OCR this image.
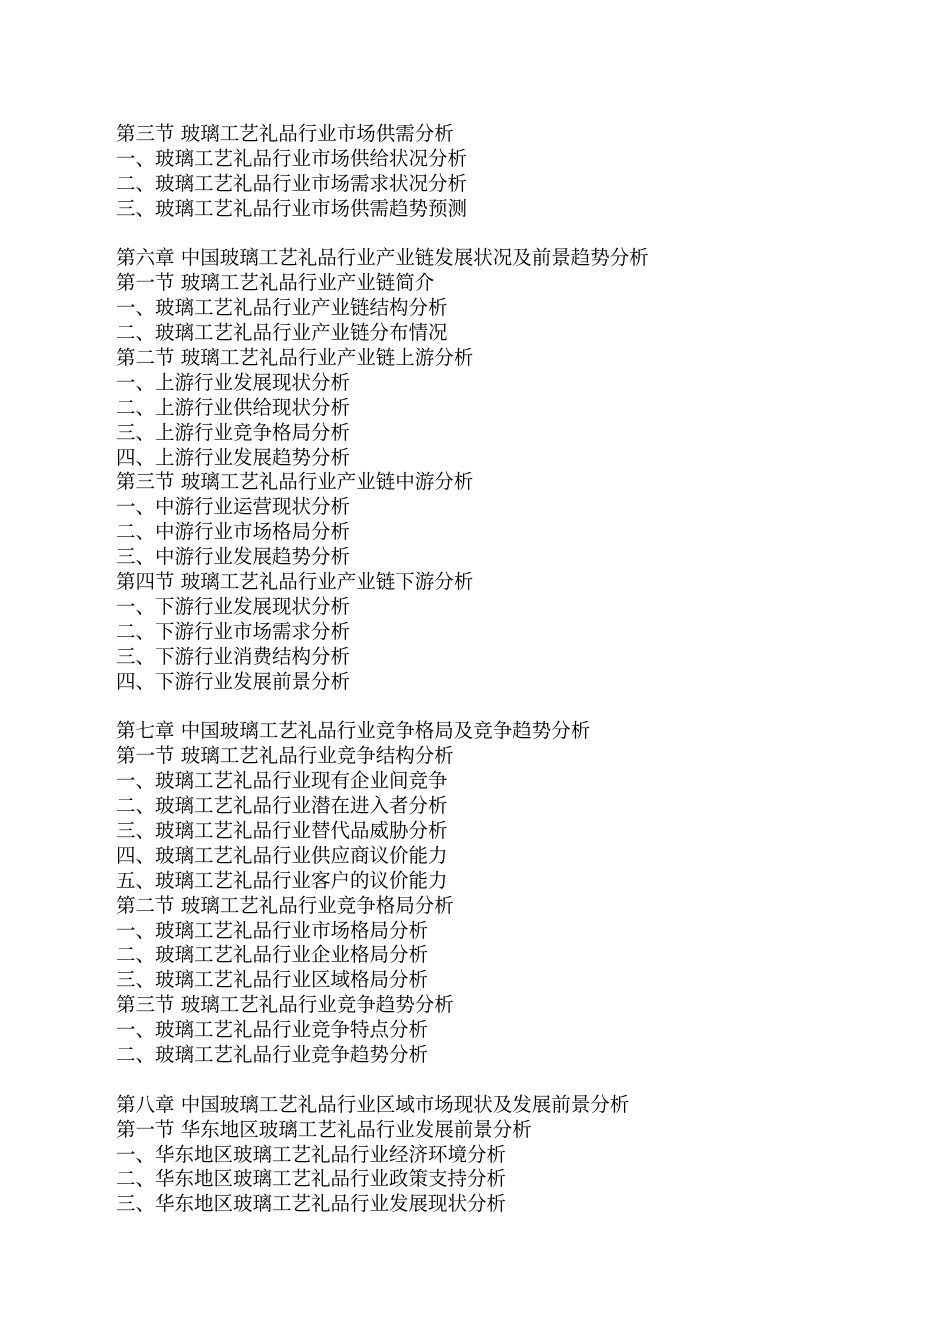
第三节 玻璃工艺礼品行业市场供需分析
一、玻璃工艺礼品行业市场供给状况分析
二、玻璃工艺礼品行业市场需求状况分析
三、玻璃工艺礼品行业市场供需趋势预测
第六章 中国玻璃工艺礼品行业产业链发展状况及前景趋势分析
第一节 玻璃工艺礼品行业产业链简介
一、玻璃工艺礼品行业产业链结构分析
二、玻璃工艺礼品行业产业链分布情况
第二节 玻璃工艺礼品行业产业链上游分析
一、上游行业发展现状分析
二、上游行业供给现状分析
三、上游行业竞争格局分析
四、上游行业发展趋势分析
第三节 玻璃工艺礼品行业产业链中游分析
一、中游行业运营现状分析
二、中游行业市场格局分析
三、中游行业发展趋势分析
第四节 玻璃工艺礼品行业产业链下游分析
一、下游行业发展现状分析
二、下游行业市场需求分析
三、下游行业消费结构分析
四、下游行业发展前景分析
第七章 中国玻璃工艺礼品行业竞争格局及竞争趋势分析
第一节 玻璃工艺礼品行业竞争结构分析
一、玻璃工艺礼品行业现有企业间竞争
二、玻璃工艺礼品行业潜在进入者分析
三、玻璃工艺礼品行业替代品威胁分析
四、玻璃工艺礼品行业供应商议价能力
五、玻璃工艺礼品行业客户的议价能力
第二节 玻璃工艺礼品行业竞争格局分析
一、玻璃工艺礼品行业市场格局分析
二、玻璃工艺礼品行业企业格局分析
三、玻璃工艺礼品行业区域格局分析
第三节 玻璃工艺礼品行业竞争趋势分析
一、玻璃工艺礼品行业竞争特点分析
二、玻璃工艺礼品行业竞争趋势分析
第八章 中国玻璃工艺礼品行业区域市场现状及发展前景分析
第一节 华东地区玻璃工艺礼品行业发展前景分析
一、华东地区玻璃工艺礼品行业经济环境分析
二、华东地区玻璃工艺礼品行业政策支持分析
三、华东地区玻璃工艺礼品行业发展现状分析
